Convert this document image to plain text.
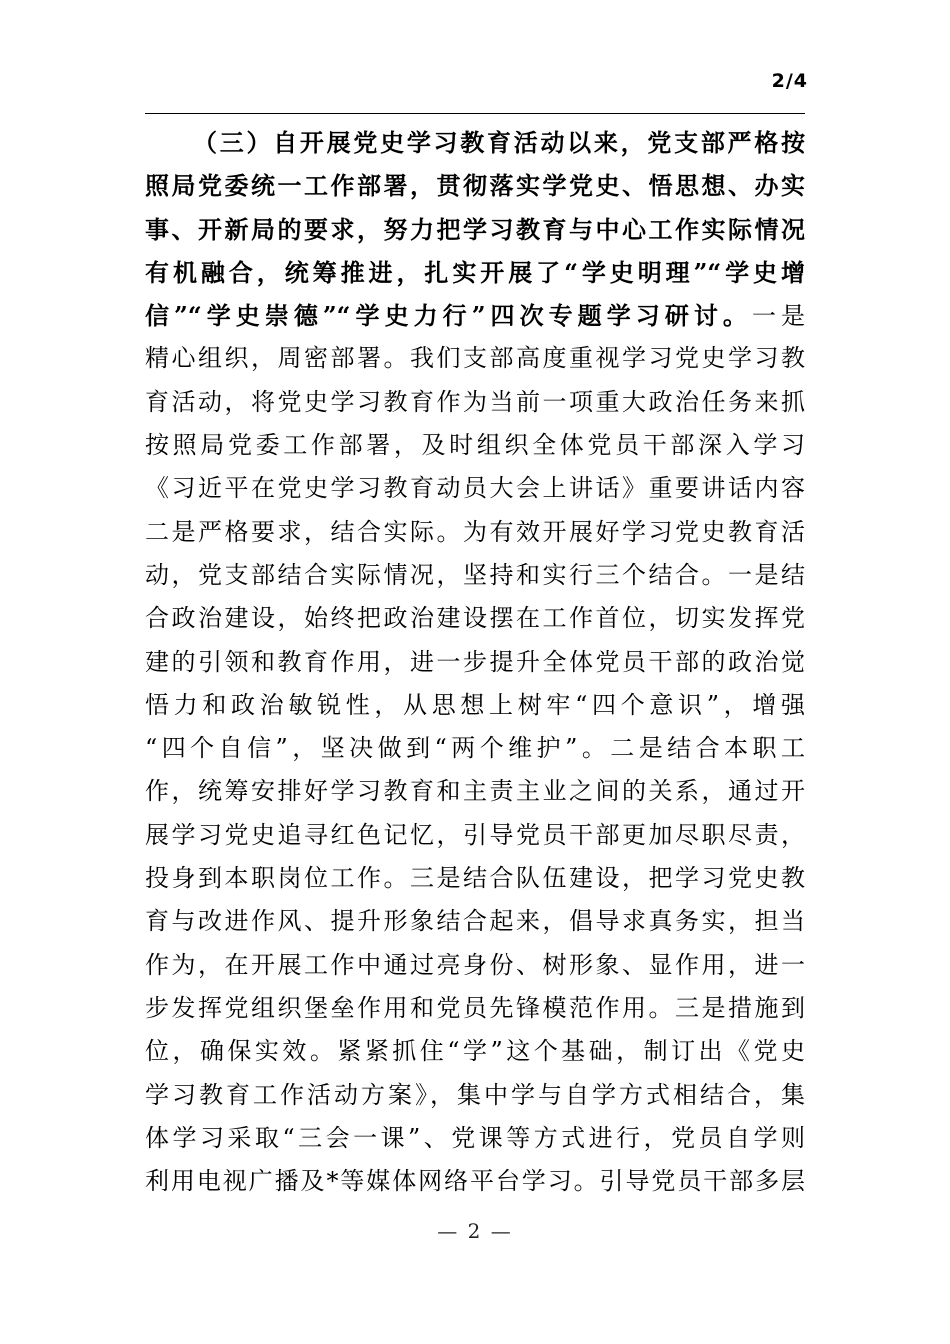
2/4
（三）自开展党史学习教育活动以来，党支部严格按
照局党委统一工作部署，贯彻落实学党史、悟思想、办实
事、开新局的要求，努力把学习教育与中心工作实际情况
有机融合，统筹推进，扎实开展了“学史明理”“学史增
信”“学史崇德”“学史力行”四次专题学习研讨。一是
精心组织，周密部署。我们支部高度重视学习党史学习教
育活动，将党史学习教育作为当前一项重大政治任务来抓
按照局党委工作部署，及时组织全体党员干部深入学习
《习近平在党史学习教育动员大会上讲话》重要讲话内容
二是严格要求，结合实际。为有效开展好学习党史教育活
动，党支部结合实际情况，坚持和实行三个结合。一是结
合政治建设，始终把政治建设摆在工作首位，切实发挥党
建的引领和教育作用，进一步提升全体党员干部的政治觉
悟力和政治敏锐性，从思想上树牢“四个意识”，增强
“四个自信”，坚决做到“两个维护”。二是结合本职工
作，统筹安排好学习教育和主责主业之间的关系，通过开
展学习党史追寻红色记忆，引导党员干部更加尽职尽责，
投身到本职岗位工作。三是结合队伍建设，把学习党史教
育与改进作风、提升形象结合起来，倡导求真务实，担当
作为，在开展工作中通过亮身份、树形象、显作用，进一
步发挥党组织堡垒作用和党员先锋模范作用。三是措施到
位，确保实效。紧紧抓住“学”这个基础，制订出《党史
学习教育工作活动方案》，集中学与自学方式相结合，集
体学习采取“三会一课”、党课等方式进行，党员自学则
利用电视广播及*等媒体网络平台学习。引导党员干部多层
— 2 —
